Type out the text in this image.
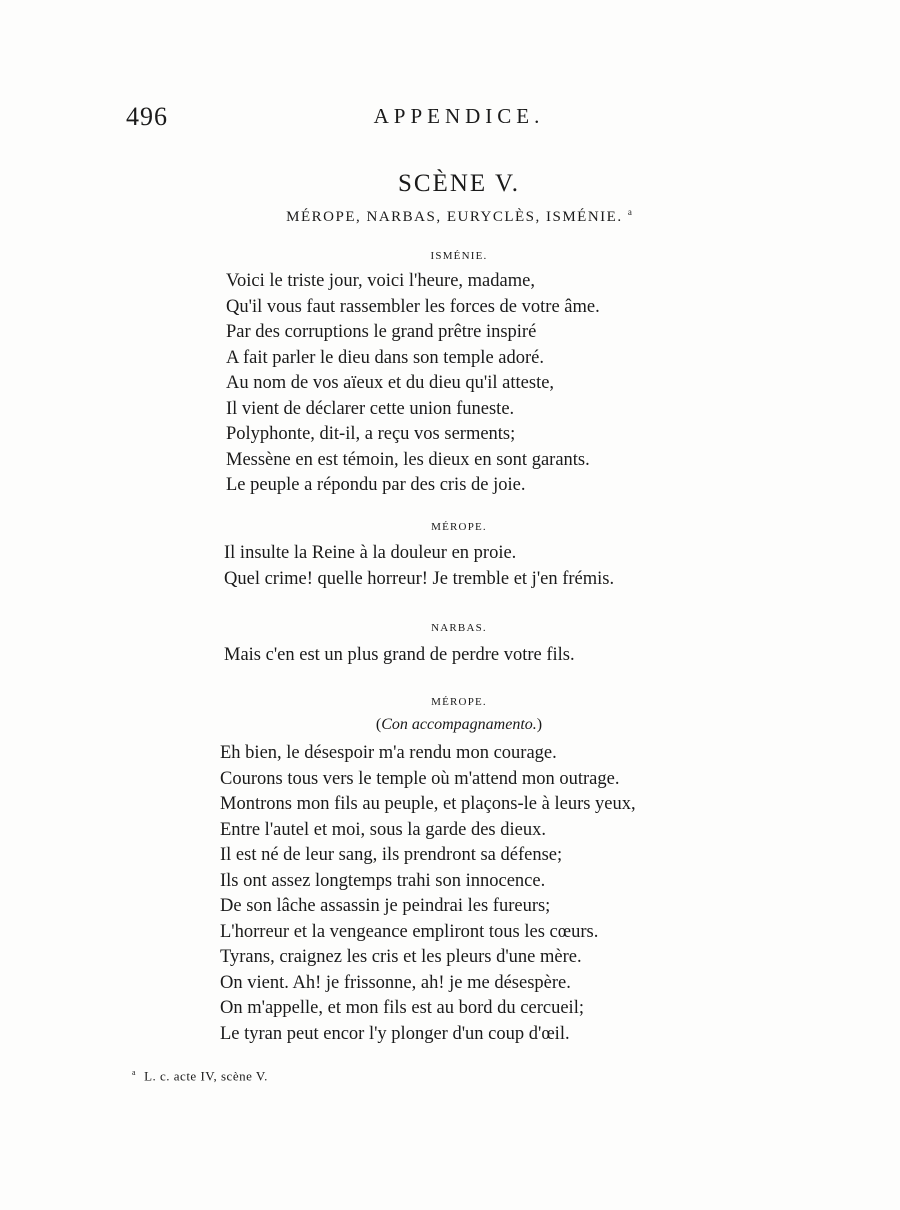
496	APPENDICE.
SCÈNE V.
MÉROPE, NARBAS, EURYCLÈS, ISMÉNIE. $^a$
ISMÉNIE.
Voici le triste jour, voici l'heure, madame,
Qu'il vous faut rassembler les forces de votre âme.
Par des corruptions le grand prêtre inspiré
A fait parler le dieu dans son temple adoré.
Au nom de vos aïeux et du dieu qu'il atteste,
Il vient de déclarer cette union funeste.
Polyphonte, dit-il, a reçu vos serments;
Messène en est témoin, les dieux en sont garants.
Le peuple a répondu par des cris de joie.
MÉROPE.
Il insulte la Reine à la douleur en proie.
Quel crime! quelle horreur! Je tremble et j'en frémis.
NARBAS.
Mais c'en est un plus grand de perdre votre fils.
MÉROPE.
(Con accompagnamento.)
Eh bien, le désespoir m'a rendu mon courage.
Courons tous vers le temple où m'attend mon outrage.
Montrons mon fils au peuple, et plaçons-le à leurs yeux,
Entre l'autel et moi, sous la garde des dieux.
Il est né de leur sang, ils prendront sa défense;
Ils ont assez longtemps trahi son innocence.
De son lâche assassin je peindrai les fureurs;
L'horreur et la vengeance empliront tous les cœurs.
Tyrans, craignez les cris et les pleurs d'une mère.
On vient. Ah! je frissonne, ah! je me désespère.
On m'appelle, et mon fils est au bord du cercueil;
Le tyran peut encor l'y plonger d'un coup d'œil.
$^a$ L. c. acte IV, scène V.
